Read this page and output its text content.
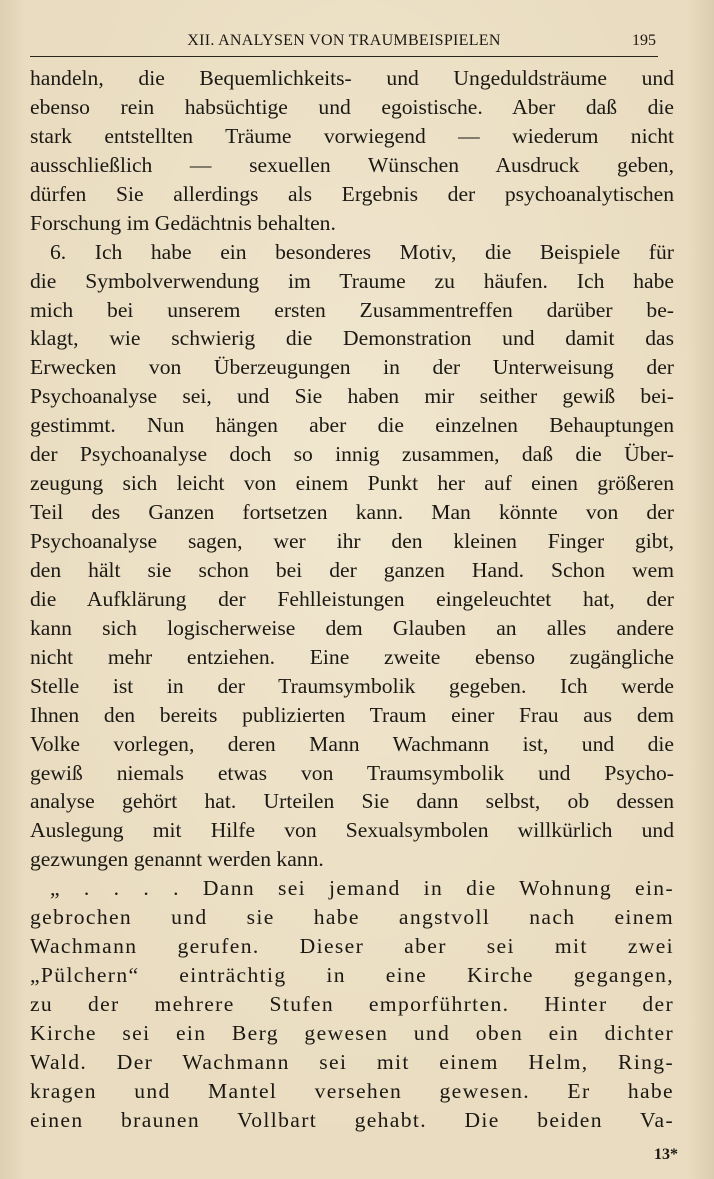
XII. ANALYSEN VON TRAUMBEISPIELEN	195
handeln, die Bequemlichkeits- und Ungeduldsträume und
ebenso rein habsüchtige und egoistische. Aber daß die
stark entstellten Träume vorwiegend — wiederum nicht
ausschließlich — sexuellen Wünschen Ausdruck geben,
dürfen Sie allerdings als Ergebnis der psychoanalytischen
Forschung im Gedächtnis behalten.
6. Ich habe ein besonderes Motiv, die Beispiele für
die Symbolverwendung im Traume zu häufen. Ich habe
mich bei unserem ersten Zusammentreffen darüber be-
klagt, wie schwierig die Demonstration und damit das
Erwecken von Überzeugungen in der Unterweisung der
Psychoanalyse sei, und Sie haben mir seither gewiß bei-
gestimmt. Nun hängen aber die einzelnen Behauptungen
der Psychoanalyse doch so innig zusammen, daß die Über-
zeugung sich leicht von einem Punkt her auf einen größeren
Teil des Ganzen fortsetzen kann. Man könnte von der
Psychoanalyse sagen, wer ihr den kleinen Finger gibt,
den hält sie schon bei der ganzen Hand. Schon wem
die Aufklärung der Fehlleistungen eingeleuchtet hat, der
kann sich logischerweise dem Glauben an alles andere
nicht mehr entziehen. Eine zweite ebenso zugängliche
Stelle ist in der Traumsymbolik gegeben. Ich werde
Ihnen den bereits publizierten Traum einer Frau aus dem
Volke vorlegen, deren Mann Wachmann ist, und die
gewiß niemals etwas von Traumsymbolik und Psycho-
analyse gehört hat. Urteilen Sie dann selbst, ob dessen
Auslegung mit Hilfe von Sexualsymbolen willkürlich und
gezwungen genannt werden kann.
„ . . . . Dann sei jemand in die Wohnung ein-
gebrochen und sie habe angstvoll nach einem
Wachmann gerufen. Dieser aber sei mit zwei
„Pülchern“ einträchtig in eine Kirche gegangen,
zu der mehrere Stufen emporführten. Hinter der
Kirche sei ein Berg gewesen und oben ein dichter
Wald. Der Wachmann sei mit einem Helm, Ring-
kragen und Mantel versehen gewesen. Er habe
einen braunen Vollbart gehabt. Die beiden Va-
13*
